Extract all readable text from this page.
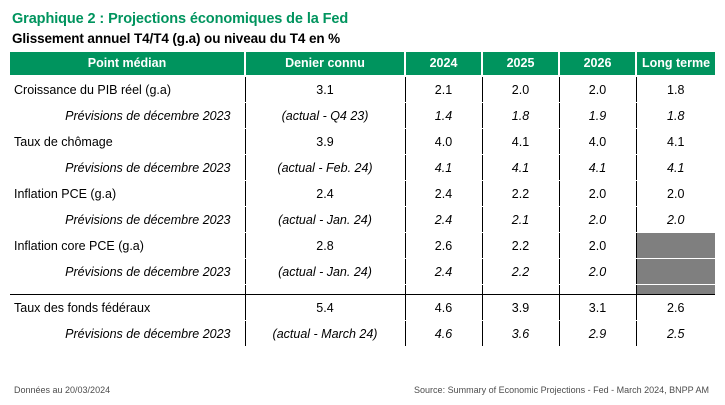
Graphique 2 : Projections économiques de la Fed
Glissement annuel T4/T4 (g.a) ou niveau du T4 en %
Point médian	Denier connu	2024	2025	2026	Long terme
Croissance du PIB réel (g.a)	3.1	2.1	2.0	2.0	1.8
Prévisions de décembre 2023	(actual - Q4 23)	1.4	1.8	1.9	1.8
Taux de chômage	3.9	4.0	4.1	4.0	4.1
Prévisions de décembre 2023	(actual - Feb. 24)	4.1	4.1	4.1	4.1
Inflation PCE (g.a)	2.4	2.4	2.2	2.0	2.0
Prévisions de décembre 2023	(actual - Jan. 24)	2.4	2.1	2.0	2.0
Inflation core PCE (g.a)	2.8	2.6	2.2	2.0	
Prévisions de décembre 2023	(actual - Jan. 24)	2.4	2.2	2.0	

Taux des fonds fédéraux	5.4	4.6	3.9	3.1	2.6
Prévisions de décembre 2023	(actual - March 24)	4.6	3.6	2.9	2.5
Données au 20/03/2024	Source: Summary of Economic Projections - Fed - March 2024, BNPP AM
